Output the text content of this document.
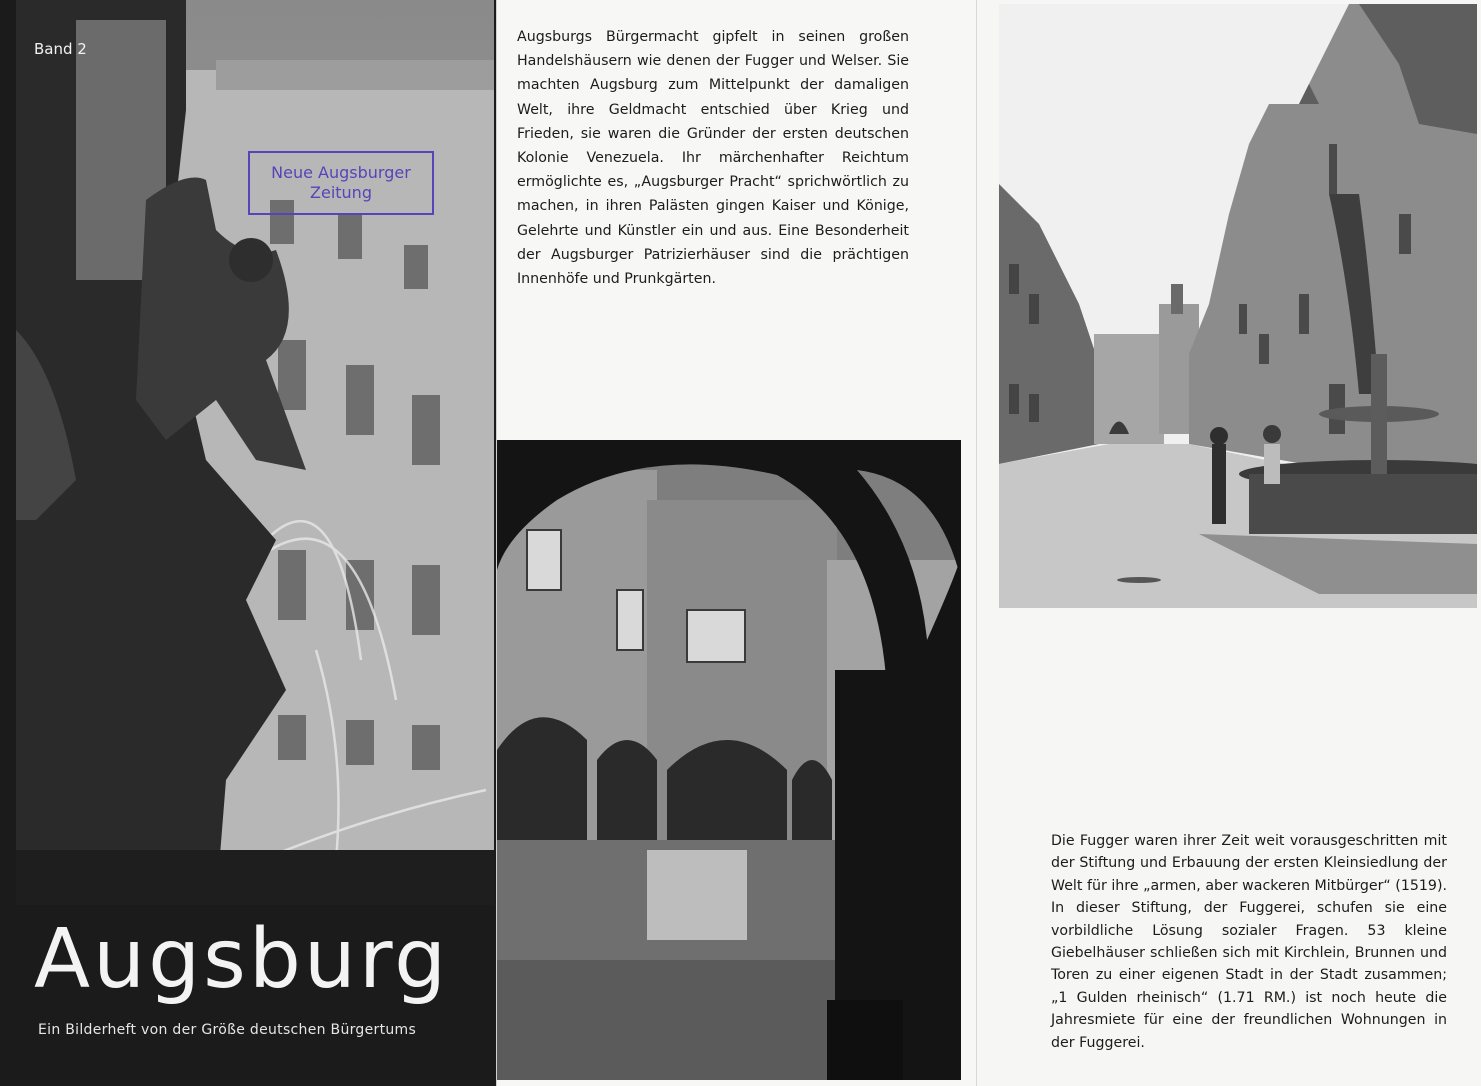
Band 2
Neue Augsburger
Zeitung
Augsburg
Ein Bilderheft von der Größe deutschen Bürgertums
Augsburgs Bürgermacht gipfelt in seinen großen Handelshäusern wie denen der Fugger und Welser. Sie machten Augsburg zum Mittelpunkt der damaligen Welt, ihre Geldmacht entschied über Krieg und Frieden, sie waren die Gründer der ersten deutschen Kolonie Venezuela. Ihr märchenhafter Reichtum ermöglichte es, „Augsburger Pracht“ sprichwörtlich zu machen, in ihren Palästen gingen Kaiser und Könige, Gelehrte und Künstler ein und aus. Eine Besonderheit der Augsburger Patrizierhäuser sind die prächtigen Innenhöfe und Prunkgärten.
Die Fugger waren ihrer Zeit weit vorausgeschritten mit der Stiftung und Erbauung der ersten Kleinsiedlung der Welt für ihre „armen, aber wackeren Mitbürger“ (1519). In dieser Stiftung, der Fuggerei, schufen sie eine vorbildliche Lösung sozialer Fragen. 53 kleine Giebelhäuser schließen sich mit Kirchlein, Brunnen und Toren zu einer eigenen Stadt in der Stadt zusammen; „1 Gulden rheinisch“ (1.71 RM.) ist noch heute die Jahresmiete für eine der freundlichen Wohnungen in der Fuggerei.
